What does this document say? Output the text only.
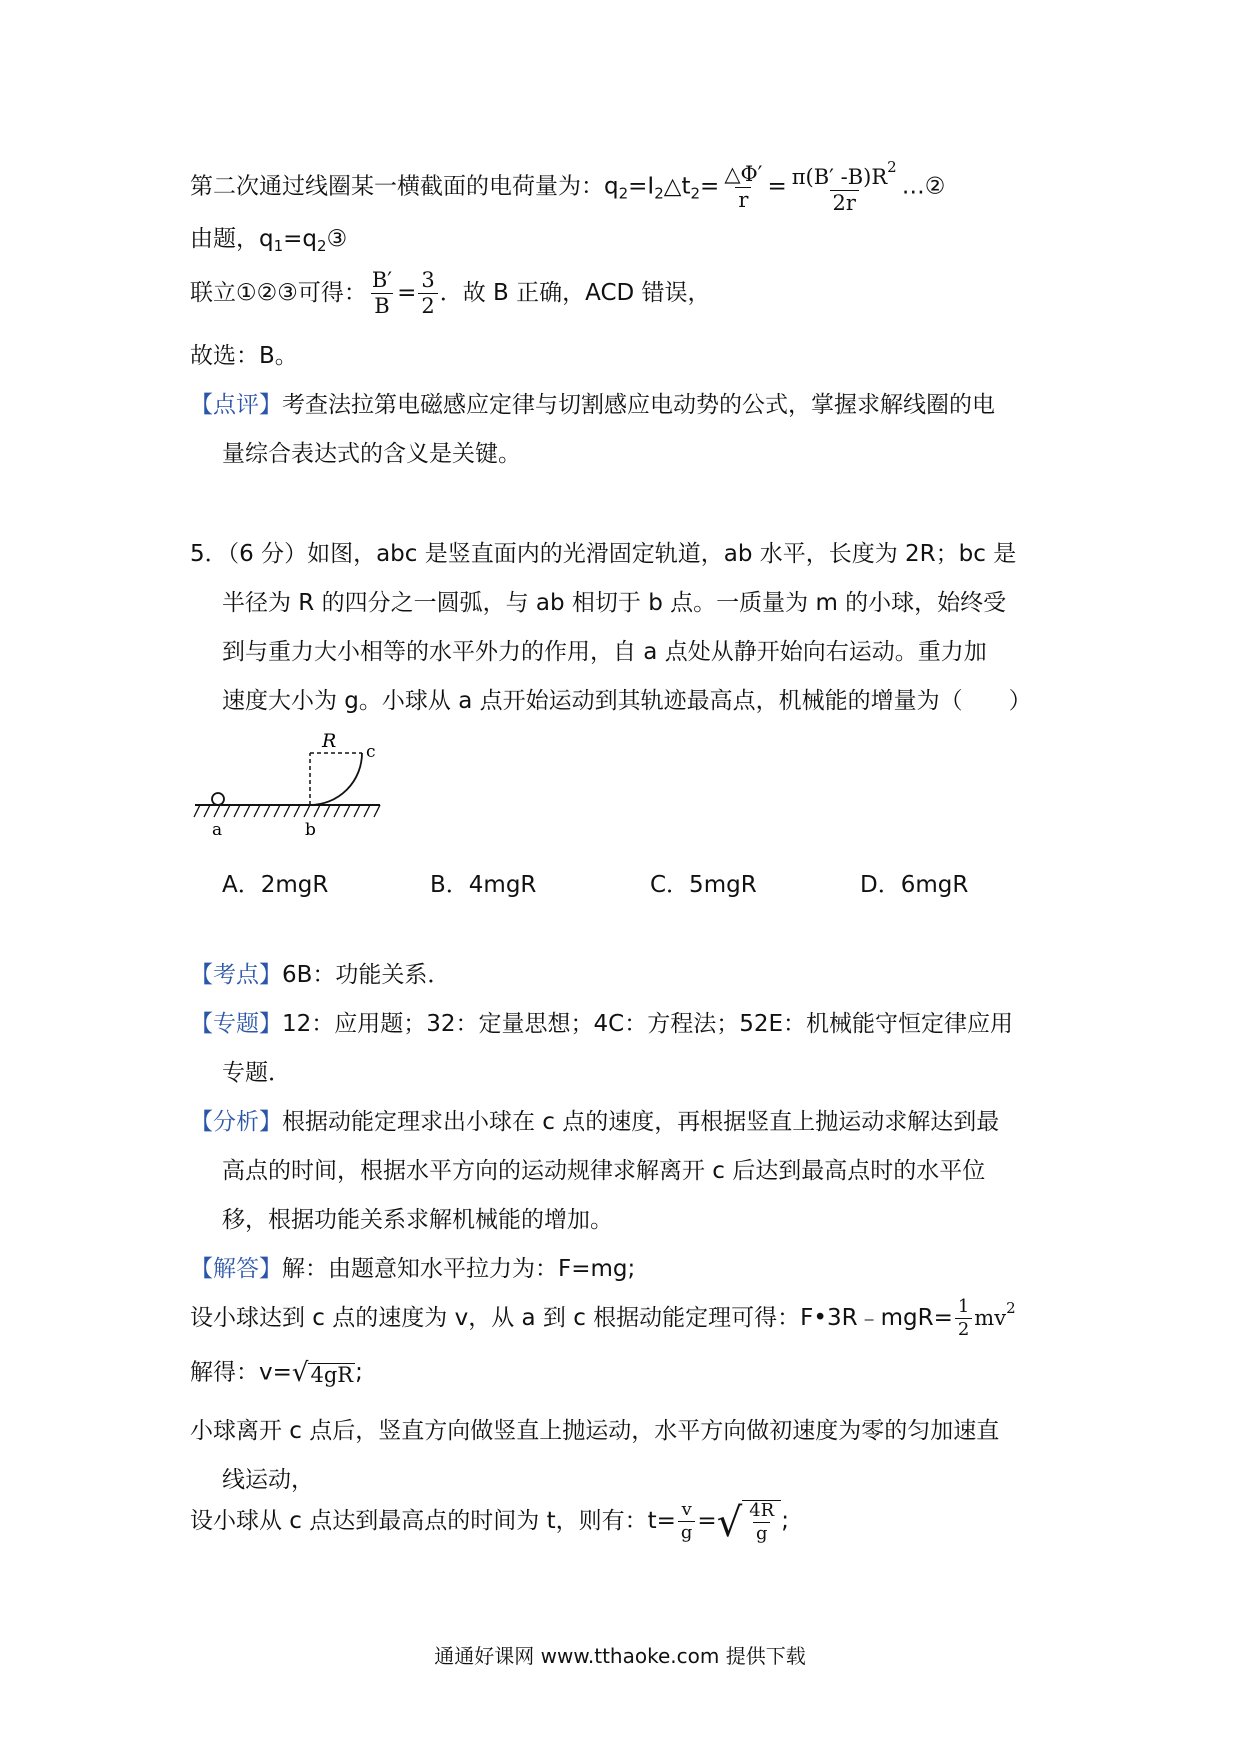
第二次通过线圈某一横截面的电荷量为：$q_2=I_2\triangle t_2= \frac{\triangle\Phi'}{r} = \frac{\pi(B' -B)R^2}{2r}$ …②
由题，$q_1=q_2③$
联立①②③可得： $\frac{B'}{B} = \frac{3}{2}$ ．故 B 正确，ACD 错误，
故选：B。
【点评】考查法拉第电磁感应定律与切割感应电动势的公式，掌握求解线圈的电
量综合表达式的含义是关键。
5．（6 分）如图，abc 是竖直面内的光滑固定轨道，ab 水平，长度为 2R；bc 是
半径为 R 的四分之一圆弧，与 ab 相切于 b 点。一质量为 m 的小球，始终受
到与重力大小相等的水平外力的作用，自 a 点处从静开始向右运动。重力加
速度大小为 g。小球从 a 点开始运动到其轨迹最高点，机械能的增量为（　　）
R c
a	b
A．2mgR	B．4mgR	C．5mgR	D．6mgR
【考点】6B：功能关系．
【专题】12：应用题；32：定量思想；4C：方程法；52E：机械能守恒定律应用
专题．
【分析】根据动能定理求出小球在 c 点的速度，再根据竖直上抛运动求解达到最
高点的时间，根据水平方向的运动规律求解离开 c 后达到最高点时的水平位
移，根据功能关系求解机械能的增加。
【解答】解：由题意知水平拉力为：F=mg;
设小球达到 c 点的速度为 v，从 a 到 c 根据动能定理可得：F•3R﹣mgR= $\frac{1}{2} mv^2$
解得：v= √ 4gR ;
小球离开 c 点后，竖直方向做竖直上抛运动，水平方向做初速度为零的匀加速直
线运动，
设小球从 c 点达到最高点的时间为 t，则有：$t= \frac{v}{g}$ = √ $\frac{4R}{g}$ ;
通通好课网 www.tthaoke.com 提供下载
